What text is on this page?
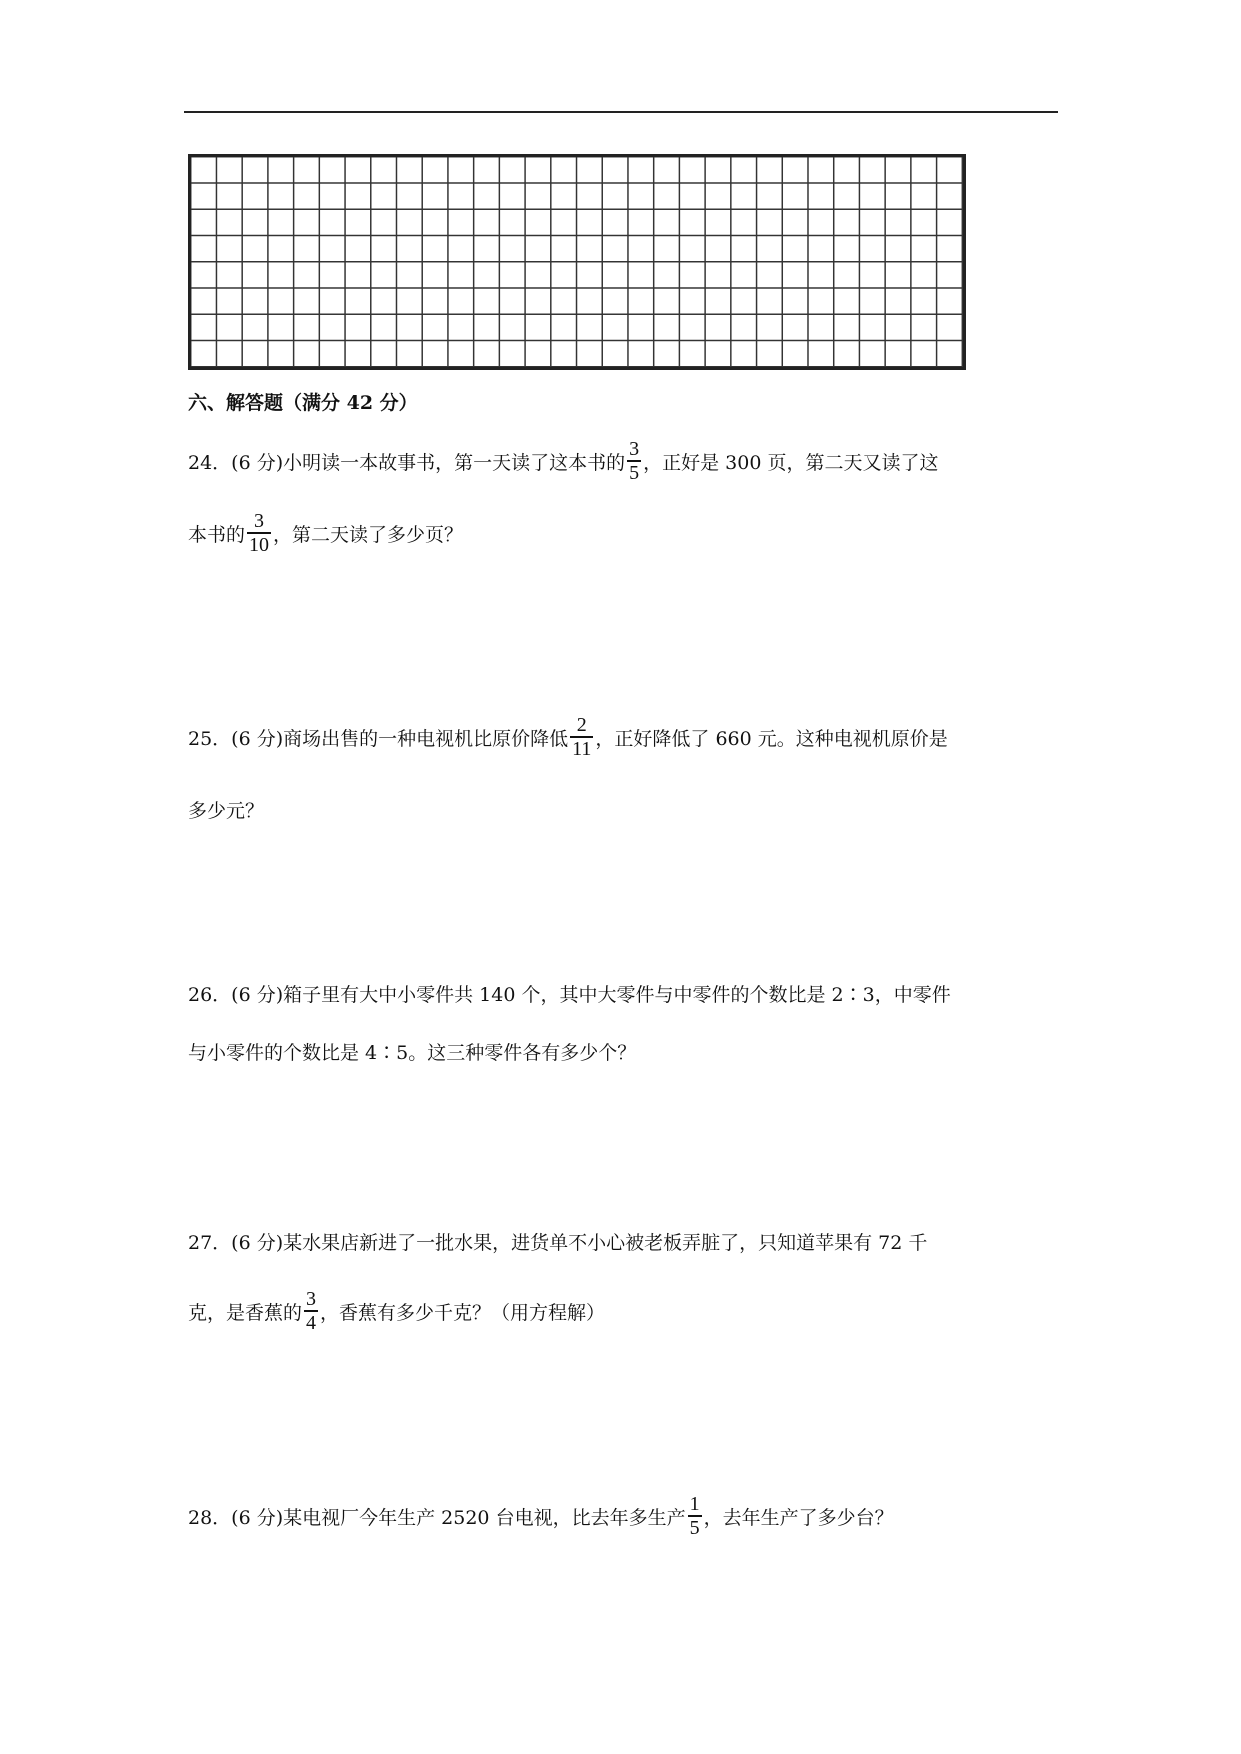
六、解答题（满分 42 分）
24．(6 分)小明读一本故事书，第一天读了这本书的 $\frac{3}{5}$ ，正好是 300 页，第二天又读了这
本书的 $\frac{3}{10}$ ，第二天读了多少页？
25．(6 分)商场出售的一种电视机比原价降低 $\frac{2}{11}$ ，正好降低了 660 元。这种电视机原价是
多少元？
26．(6 分)箱子里有大中小零件共 140 个，其中大零件与中零件的个数比是 2∶3，中零件
与小零件的个数比是 4∶5。这三种零件各有多少个？
27．(6 分)某水果店新进了一批水果，进货单不小心被老板弄脏了，只知道苹果有 72 千
克，是香蕉的 $\frac{3}{4}$ ，香蕉有多少千克？（用方程解）
28．(6 分)某电视厂今年生产 2520 台电视，比去年多生产 $\frac{1}{5}$ ，去年生产了多少台？
